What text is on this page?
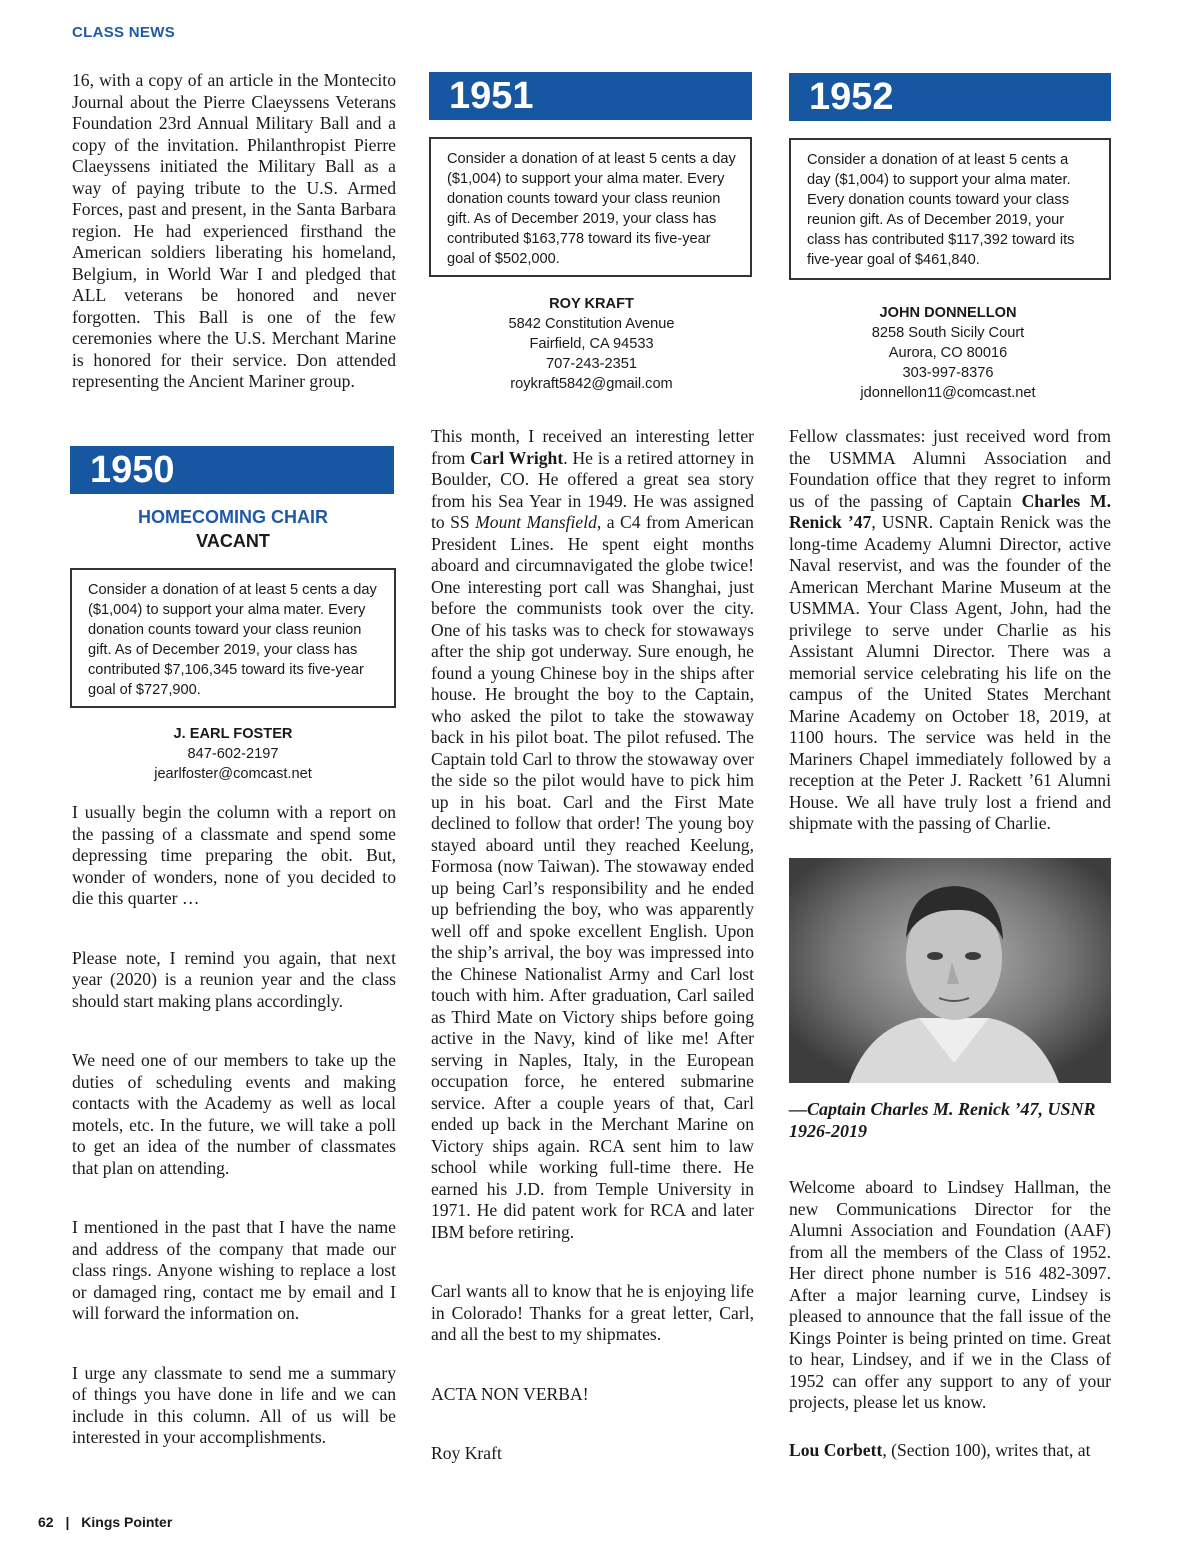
CLASS NEWS

16, with a copy of an article in the Montecito Journal about the Pierre Claeyssens Veterans Foundation 23rd Annual Military Ball and a copy of the invitation. Philanthropist Pierre Claeyssens initiated the Military Ball as a way of paying tribute to the U.S. Armed Forces, past and present, in the Santa Barbara region. He had experienced firsthand the American soldiers liberating his homeland, Belgium, in World War I and pledged that ALL veterans be honored and never forgotten. This Ball is one of the few ceremonies where the U.S. Merchant Marine is honored for their service. Don attended representing the Ancient Mariner group.

1950
HOMECOMING CHAIR
VACANT
Consider a donation of at least 5 cents a day ($1,004) to support your alma mater. Every donation counts toward your class reunion gift. As of December 2019, your class has contributed $7,106,345 toward its five-year goal of $727,900.
J. EARL FOSTER
847-602-2197
jearlfoster@comcast.net

I usually begin the column with a report on the passing of a classmate and spend some depressing time preparing the obit. But, wonder of wonders, none of you decided to die this quarter …

Please note, I remind you again, that next year (2020) is a reunion year and the class should start making plans accordingly.

We need one of our members to take up the duties of scheduling events and making contacts with the Academy as well as local motels, etc. In the future, we will take a poll to get an idea of the number of classmates that plan on attending.

I mentioned in the past that I have the name and address of the company that made our class rings. Anyone wishing to replace a lost or damaged ring, contact me by email and I will forward the information on.

I urge any classmate to send me a summary of things you have done in life and we can include in this column. All of us will be interested in your accomplishments.

1951
Consider a donation of at least 5 cents a day ($1,004) to support your alma mater. Every donation counts toward your class reunion gift. As of December 2019, your class has contributed $163,778 toward its five-year goal of $502,000.
ROY KRAFT
5842 Constitution Avenue
Fairfield, CA 94533
707-243-2351
roykraft5842@gmail.com

This month, I received an interesting letter from Carl Wright. He is a retired attorney in Boulder, CO. He offered a great sea story from his Sea Year in 1949. He was assigned to SS Mount Mansfield, a C4 from American President Lines. He spent eight months aboard and circumnavigated the globe twice! One interesting port call was Shanghai, just before the communists took over the city. One of his tasks was to check for stowaways after the ship got underway. Sure enough, he found a young Chinese boy in the ships after house. He brought the boy to the Captain, who asked the pilot to take the stowaway back in his pilot boat. The pilot refused. The Captain told Carl to throw the stowaway over the side so the pilot would have to pick him up in his boat. Carl and the First Mate declined to follow that order! The young boy stayed aboard until they reached Keelung, Formosa (now Taiwan). The stowaway ended up being Carl’s responsibility and he ended up befriending the boy, who was apparently well off and spoke excellent English. Upon the ship’s arrival, the boy was impressed into the Chinese Nationalist Army and Carl lost touch with him. After graduation, Carl sailed as Third Mate on Victory ships before going active in the Navy, kind of like me! After serving in Naples, Italy, in the European occupation force, he entered submarine service. After a couple years of that, Carl ended up back in the Merchant Marine on Victory ships again. RCA sent him to law school while working full-time there. He earned his J.D. from Temple University in 1971. He did patent work for RCA and later IBM before retiring.

Carl wants all to know that he is enjoying life in Colorado! Thanks for a great letter, Carl, and all the best to my shipmates.

ACTA NON VERBA!

Roy Kraft

1952
Consider a donation of at least 5 cents a day ($1,004) to support your alma mater. Every donation counts toward your class reunion gift. As of December 2019, your class has contributed $117,392 toward its five-year goal of $461,840.
JOHN DONNELLON
8258 South Sicily Court
Aurora, CO 80016
303-997-8376
jdonnellon11@comcast.net

Fellow classmates: just received word from the USMMA Alumni Association and Foundation office that they regret to inform us of the passing of Captain Charles M. Renick ’47, USNR. Captain Renick was the long-time Academy Alumni Director, active Naval reservist, and was the founder of the American Merchant Marine Museum at the USMMA. Your Class Agent, John, had the privilege to serve under Charlie as his Assistant Alumni Director. There was a memorial service celebrating his life on the campus of the United States Merchant Marine Academy on October 18, 2019, at 1100 hours. The service was held in the Mariners Chapel immediately followed by a reception at the Peter J. Rackett ’61 Alumni House. We all have truly lost a friend and shipmate with the passing of Charlie.

—Captain Charles M. Renick ’47, USNR
1926-2019

Welcome aboard to Lindsey Hallman, the new Communications Director for the Alumni Association and Foundation (AAF) from all the members of the Class of 1952. Her direct phone number is 516 482-3097. After a major learning curve, Lindsey is pleased to announce that the fall issue of the Kings Pointer is being printed on time. Great to hear, Lindsey, and if we in the Class of 1952 can offer any support to any of your projects, please let us know.

Lou Corbett, (Section 100), writes that, at

62 | Kings Pointer
